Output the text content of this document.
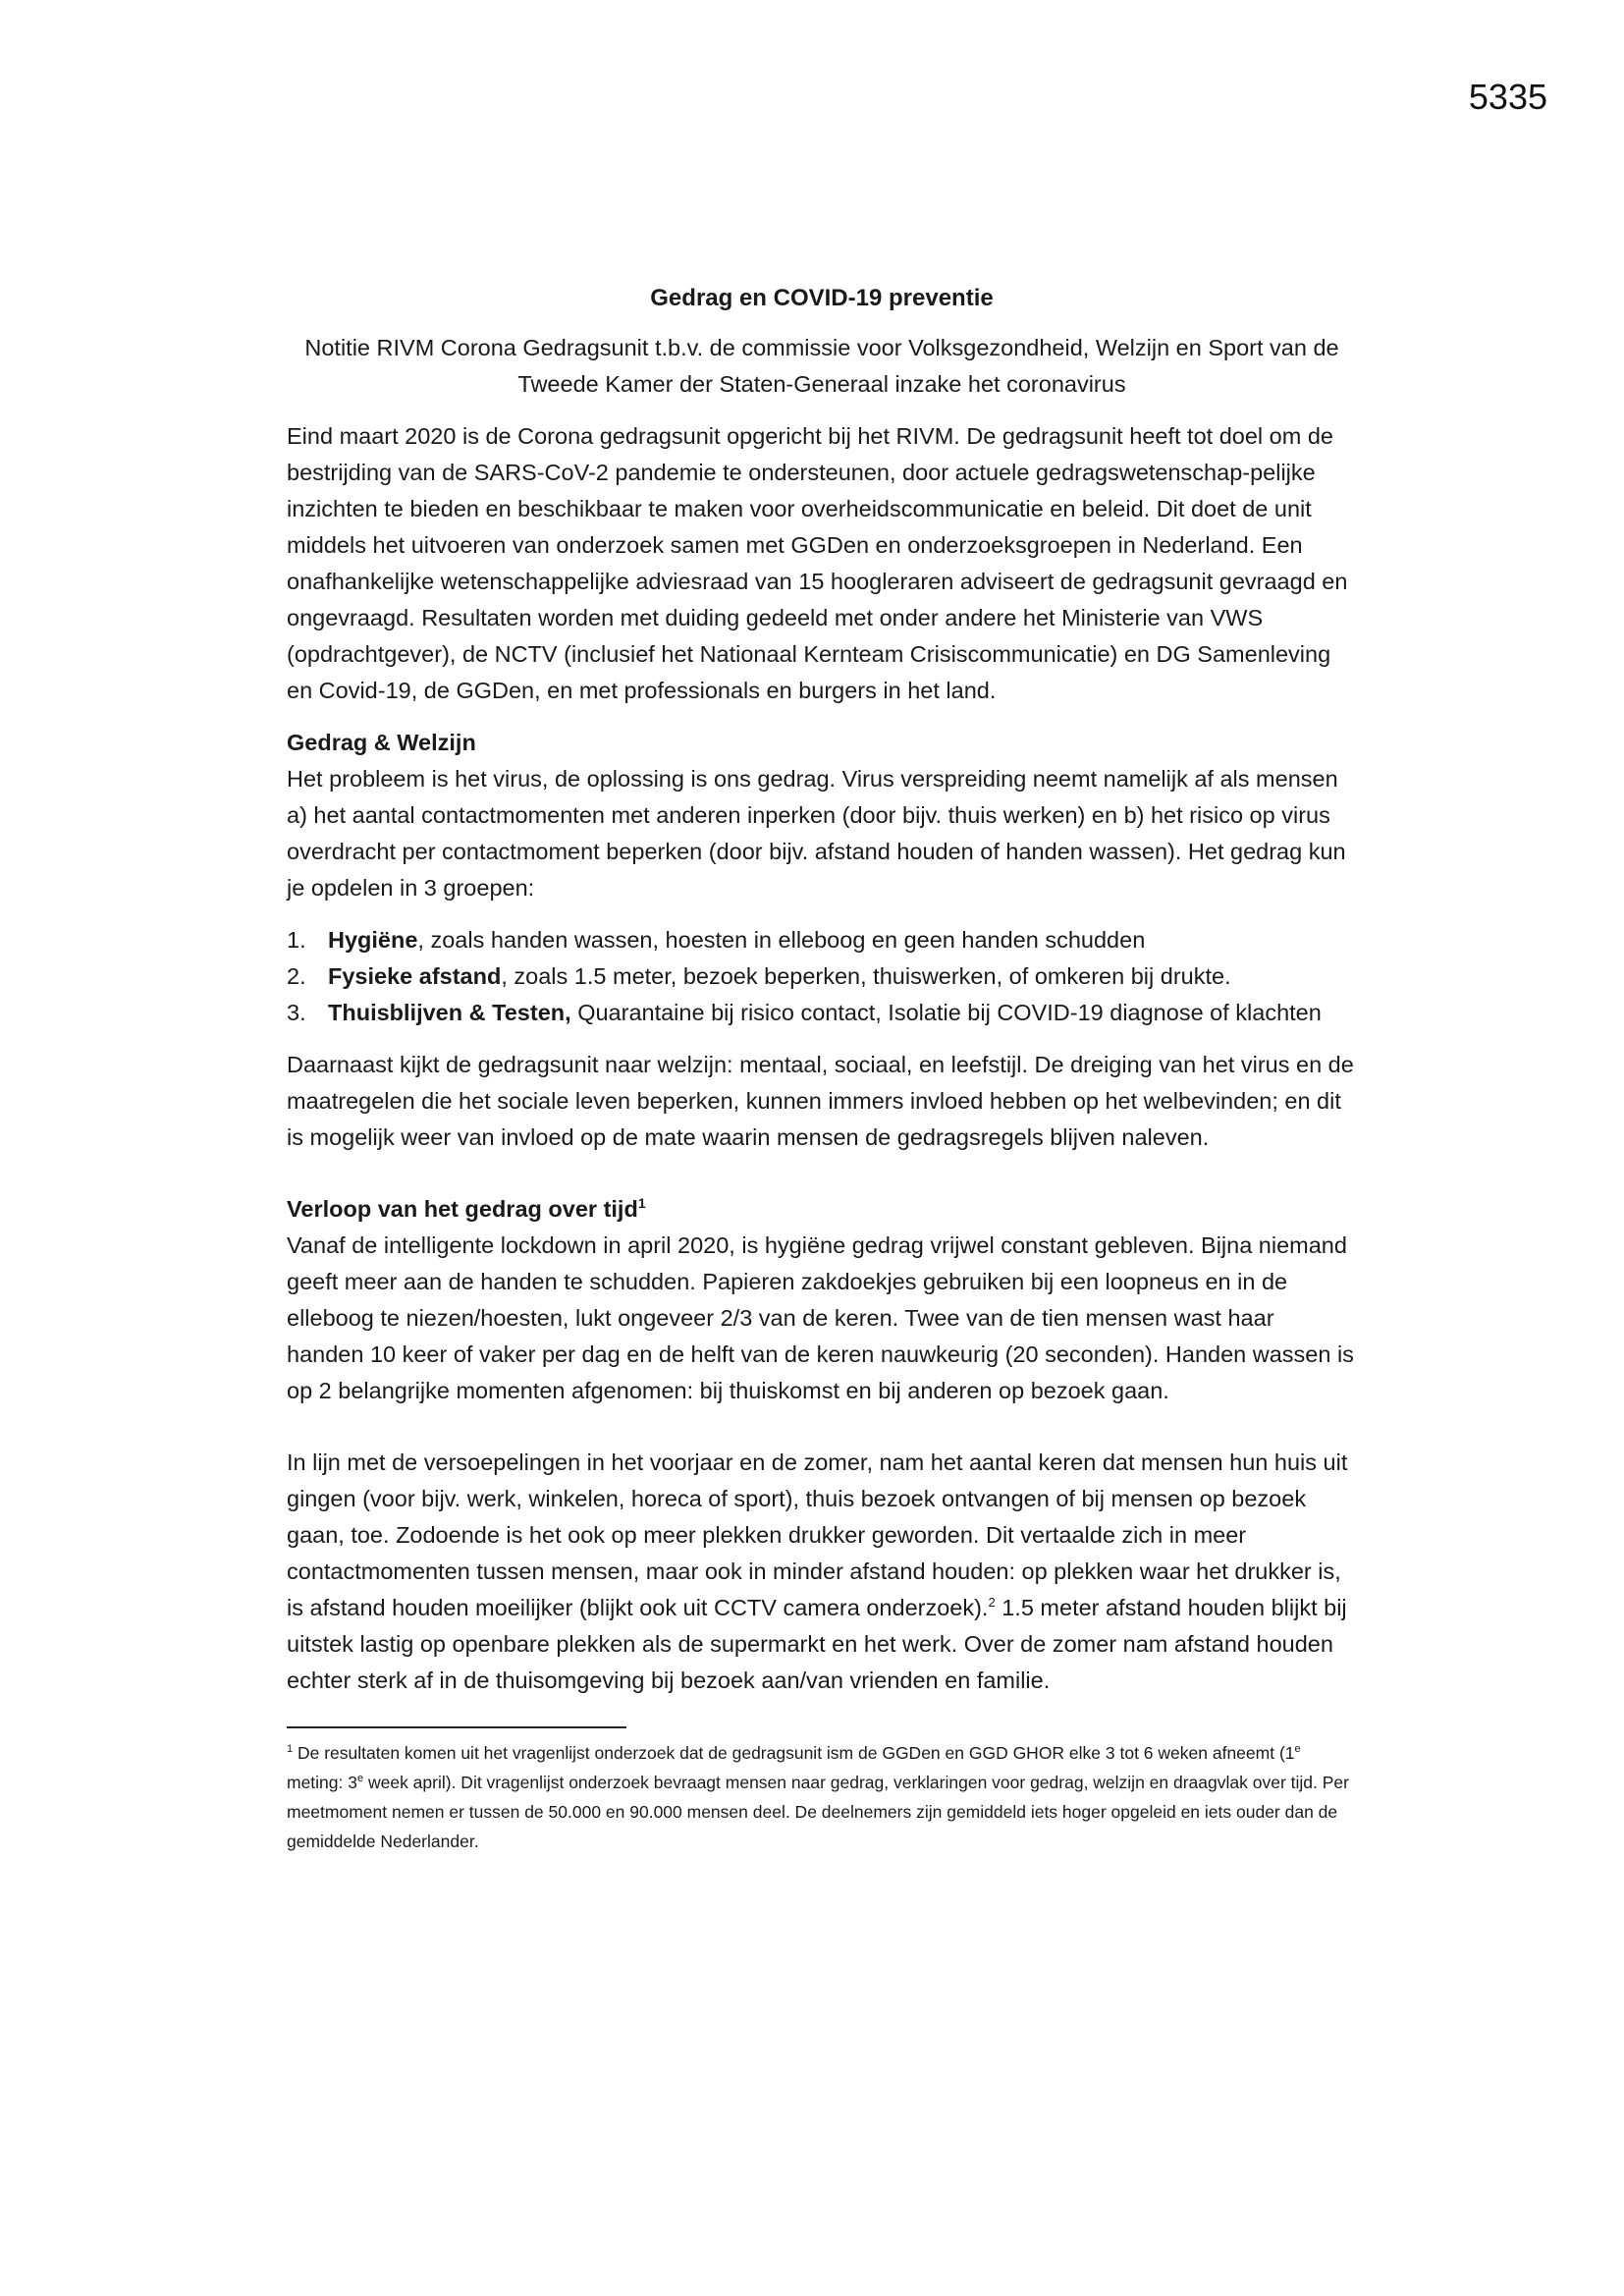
5335
Gedrag en COVID-19 preventie
Notitie RIVM Corona Gedragsunit t.b.v. de commissie voor Volksgezondheid, Welzijn en Sport van de Tweede Kamer der Staten-Generaal inzake het coronavirus

Eind maart 2020 is de Corona gedragsunit opgericht bij het RIVM. De gedragsunit heeft tot doel om de bestrijding van de SARS-CoV-2 pandemie te ondersteunen, door actuele gedragswetenschap-pelijke inzichten te bieden en beschikbaar te maken voor overheidscommunicatie en beleid. Dit doet de unit middels het uitvoeren van onderzoek samen met GGDen en onderzoeksgroepen in Nederland. Een onafhankelijke wetenschappelijke adviesraad van 15 hoogleraren adviseert de gedragsunit gevraagd en ongevraagd. Resultaten worden met duiding gedeeld met onder andere het Ministerie van VWS (opdrachtgever), de NCTV (inclusief het Nationaal Kernteam Crisiscommunicatie) en DG Samenleving en Covid-19, de GGDen, en met professionals en burgers in het land.

Gedrag & Welzijn

Het probleem is het virus, de oplossing is ons gedrag. Virus verspreiding neemt namelijk af als mensen a) het aantal contactmomenten met anderen inperken (door bijv. thuis werken) en b) het risico op virus overdracht per contactmoment beperken (door bijv. afstand houden of handen wassen). Het gedrag kun je opdelen in 3 groepen:

1. Hygiëne, zoals handen wassen, hoesten in elleboog en geen handen schudden
2. Fysieke afstand, zoals 1.5 meter, bezoek beperken, thuiswerken, of omkeren bij drukte.
3. Thuisblijven & Testen, Quarantaine bij risico contact, Isolatie bij COVID-19 diagnose of klachten

Daarnaast kijkt de gedragsunit naar welzijn: mentaal, sociaal, en leefstijl. De dreiging van het virus en de maatregelen die het sociale leven beperken, kunnen immers invloed hebben op het welbevinden; en dit is mogelijk weer van invloed op de mate waarin mensen de gedragsregels blijven naleven.

Verloop van het gedrag over tijd$^1$

Vanaf de intelligente lockdown in april 2020, is hygiëne gedrag vrijwel constant gebleven. Bijna niemand geeft meer aan de handen te schudden. Papieren zakdoekjes gebruiken bij een loopneus en in de elleboog te niezen/hoesten, lukt ongeveer 2/3 van de keren. Twee van de tien mensen wast haar handen 10 keer of vaker per dag en de helft van de keren nauwkeurig (20 seconden). Handen wassen is op 2 belangrijke momenten afgenomen: bij thuiskomst en bij anderen op bezoek gaan.

In lijn met de versoepelingen in het voorjaar en de zomer, nam het aantal keren dat mensen hun huis uit gingen (voor bijv. werk, winkelen, horeca of sport), thuis bezoek ontvangen of bij mensen op bezoek gaan, toe. Zodoende is het ook op meer plekken drukker geworden. Dit vertaalde zich in meer contactmomenten tussen mensen, maar ook in minder afstand houden: op plekken waar het drukker is, is afstand houden moeilijker (blijkt ook uit CCTV camera onderzoek).$^2$ 1.5 meter afstand houden blijkt bij uitstek lastig op openbare plekken als de supermarkt en het werk. Over de zomer nam afstand houden echter sterk af in de thuisomgeving bij bezoek aan/van vrienden en familie.

$^1$ De resultaten komen uit het vragenlijst onderzoek dat de gedragsunit ism de GGDen en GGD GHOR elke 3 tot 6 weken afneemt (1e meting: 3e week april). Dit vragenlijst onderzoek bevraagt mensen naar gedrag, verklaringen voor gedrag, welzijn en draagvlak over tijd. Per meetmoment nemen er tussen de 50.000 en 90.000 mensen deel. De deelnemers zijn gemiddeld iets hoger opgeleid en iets ouder dan de gemiddelde Nederlander.
